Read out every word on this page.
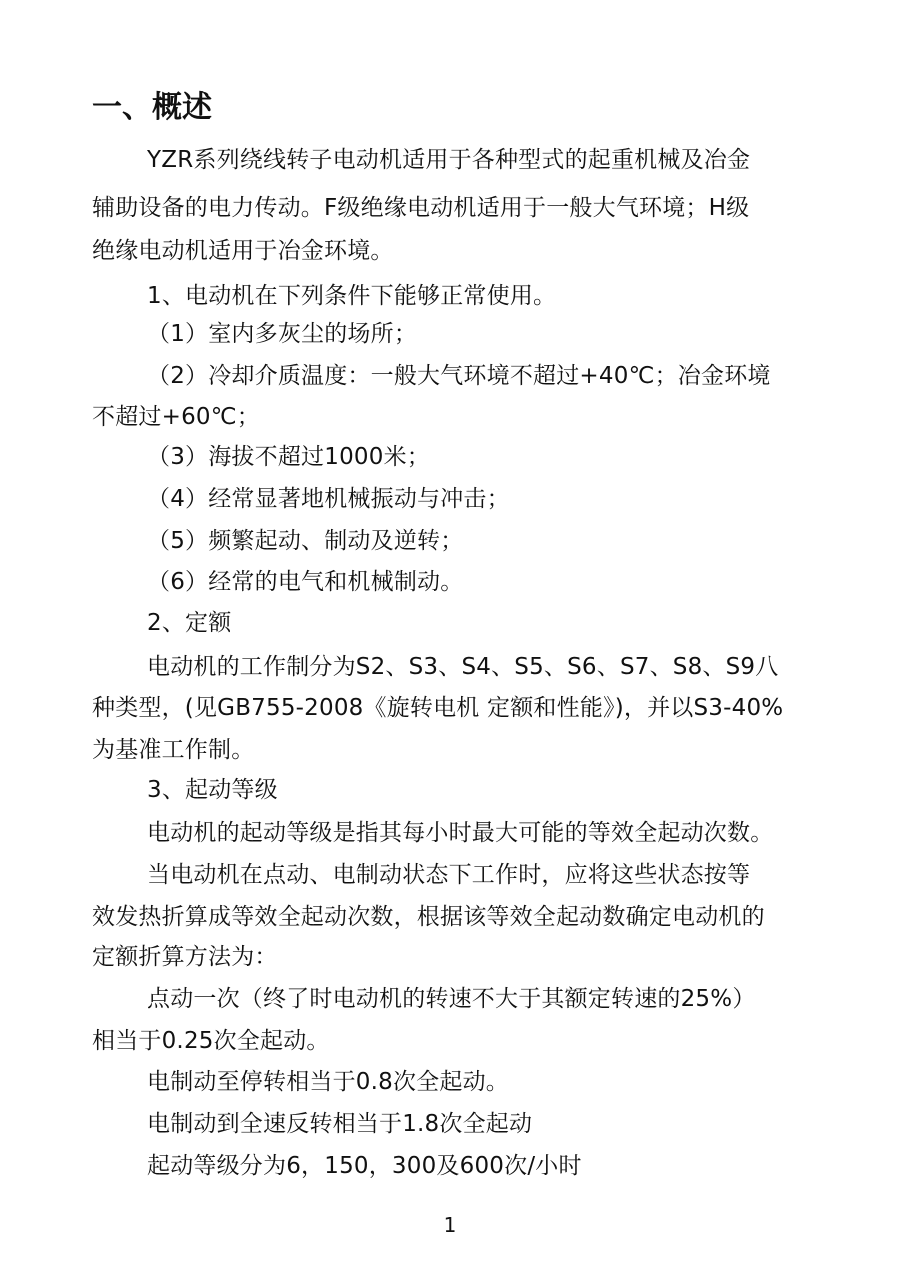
一、概述
YZR系列绕线转子电动机适用于各种型式的起重机械及冶金
辅助设备的电力传动。F级绝缘电动机适用于一般大气环境；H级
绝缘电动机适用于冶金环境。
1、电动机在下列条件下能够正常使用。
（1）室内多灰尘的场所；
（2）冷却介质温度：一般大气环境不超过+40℃；冶金环境
不超过+60℃；
（3）海拔不超过1000米；
（4）经常显著地机械振动与冲击；
（5）频繁起动、制动及逆转；
（6）经常的电气和机械制动。
2、定额
电动机的工作制分为S2、S3、S4、S5、S6、S7、S8、S9八
种类型，(见GB755-2008《旋转电机 定额和性能》)，并以S3-40%
为基准工作制。
3、起动等级
电动机的起动等级是指其每小时最大可能的等效全起动次数。
当电动机在点动、电制动状态下工作时，应将这些状态按等
效发热折算成等效全起动次数，根据该等效全起动数确定电动机的
定额折算方法为：
点动一次（终了时电动机的转速不大于其额定转速的25%）
相当于0.25次全起动。
电制动至停转相当于0.8次全起动。
电制动到全速反转相当于1.8次全起动
起动等级分为6，150，300及600次/小时
1
